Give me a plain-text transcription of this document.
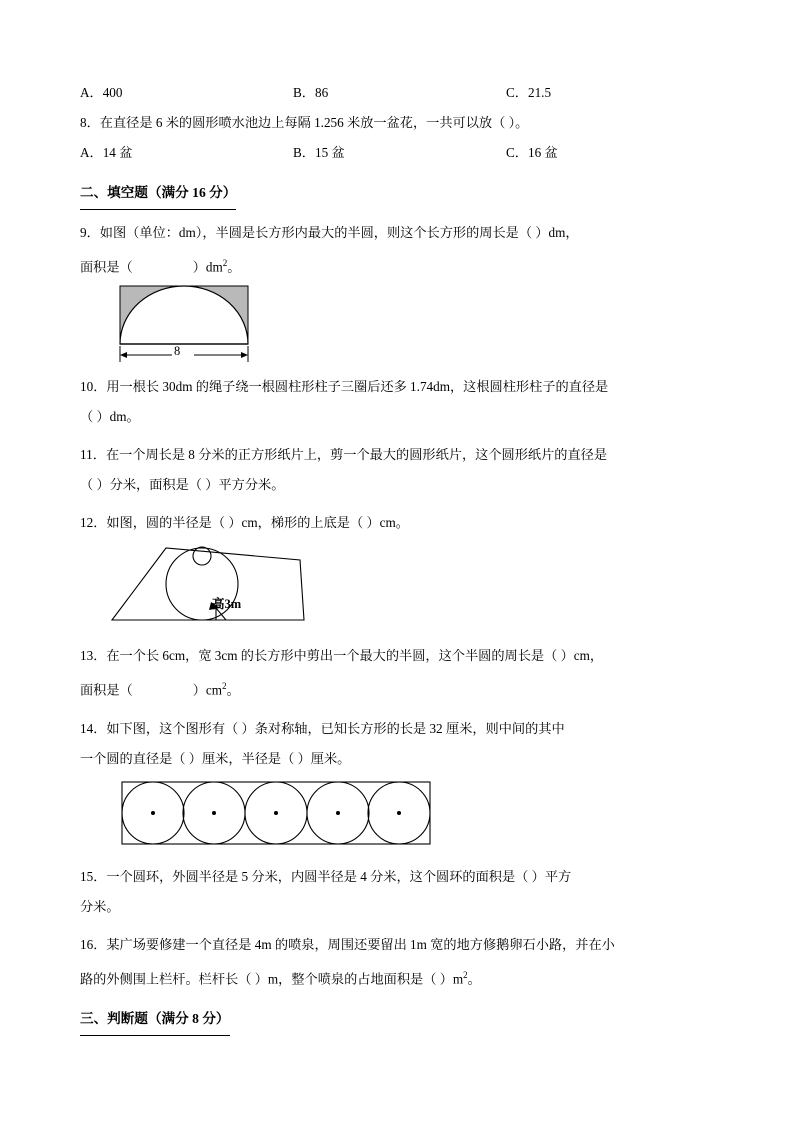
A．400	B．86	C．21.5
8．在直径是 6 米的圆形喷水池边上每隔 1.256 米放一盆花，一共可以放（ ）。
A．14 盆	B．15 盆	C．16 盆
二、填空题（满分 16 分）
9．如图（单位：dm），半圆是长方形内最大的半圆，则这个长方形的周长是（ ）dm，
面积是（	）$dm^2$。
8
10．用一根长 30dm 的绳子绕一根圆柱形柱子三圈后还多 1.74dm，这根圆柱形柱子的直径是
（ ）dm。
11．在一个周长是 8 分米的正方形纸片上，剪一个最大的圆形纸片，这个圆形纸片的直径是
（ ）分米，面积是（ ）平方分米。
12．如图，圆的半径是（ ）cm，梯形的上底是（ ）cm。
高3m
13．在一个长 6cm，宽 3cm 的长方形中剪出一个最大的半圆，这个半圆的周长是（ ）cm，
面积是（	）$cm^2$。
14．如下图，这个图形有（ ）条对称轴，已知长方形的长是 32 厘米，则中间的其中
一个圆的直径是（ ）厘米，半径是（ ）厘米。
15．一个圆环，外圆半径是 5 分米，内圆半径是 4 分米，这个圆环的面积是（ ）平方
分米。
16．某广场要修建一个直径是 4m 的喷泉，周围还要留出 1m 宽的地方修鹅卵石小路，并在小
路的外侧围上栏杆。栏杆长（ ）m，整个喷泉的占地面积是（ ）$m^2$。
三、判断题（满分 8 分）
